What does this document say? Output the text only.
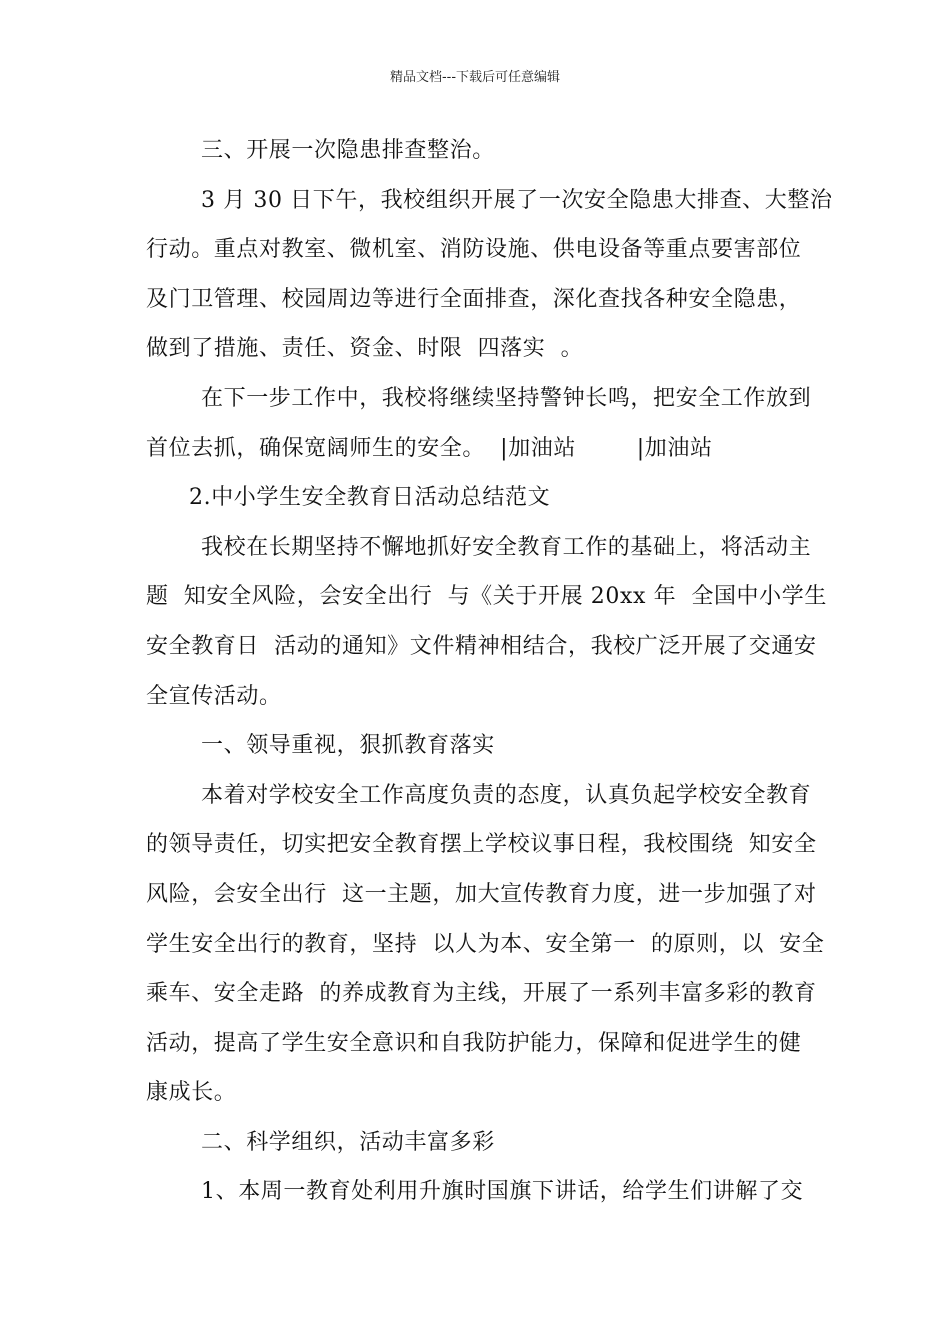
精品文档---下载后可任意编辑

三、开展一次隐患排查整治。

3 月 30 日下午，我校组织开展了一次安全隐患大排查、大整治

行动。重点对教室、微机室、消防设施、供电设备等重点要害部位

及门卫管理、校园周边等进行全面排查，深化查找各种安全隐患，

做到了措施、责任、资金、时限  四落实  。

在下一步工作中，我校将继续坚持警钟长鸣，把安全工作放到

首位去抓，确保宽阔师生的安全。  |加油站        |加油站

2.中小学生安全教育日活动总结范文

我校在长期坚持不懈地抓好安全教育工作的基础上，将活动主

题  知安全风险，会安全出行  与《关于开展 20xx 年  全国中小学生

安全教育日  活动的通知》文件精神相结合，我校广泛开展了交通安

全宣传活动。

一、领导重视，狠抓教育落实

本着对学校安全工作高度负责的态度，认真负起学校安全教育

的领导责任，切实把安全教育摆上学校议事日程，我校围绕  知安全

风险，会安全出行  这一主题，加大宣传教育力度，进一步加强了对

学生安全出行的教育，坚持  以人为本、安全第一  的原则，以  安全

乘车、安全走路  的养成教育为主线，开展了一系列丰富多彩的教育

活动，提高了学生安全意识和自我防护能力，保障和促进学生的健

康成长。

二、科学组织，活动丰富多彩

1、本周一教育处利用升旗时国旗下讲话，给学生们讲解了交
